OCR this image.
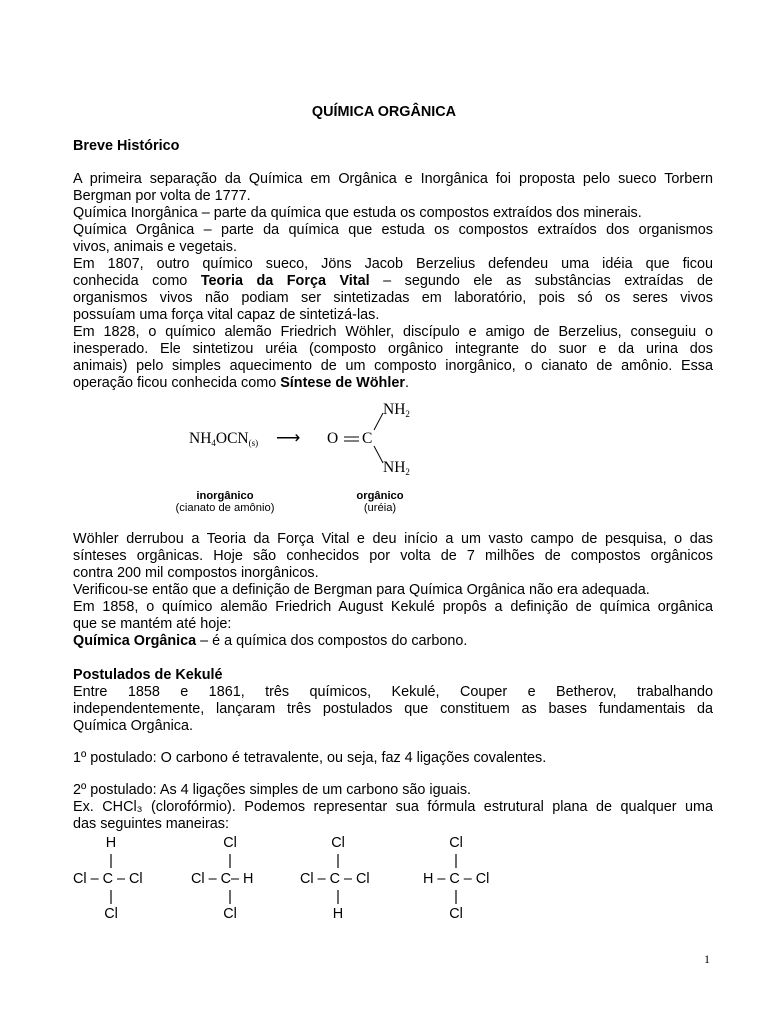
QUÍMICA ORGÂNICA
Breve Histórico
A primeira separação da Química em Orgânica e Inorgânica foi proposta pelo sueco Torbern
Bergman por volta de 1777.
Química Inorgânica – parte da química que estuda os compostos extraídos dos minerais.
Química Orgânica – parte da química que estuda os compostos extraídos dos organismos
vivos, animais e vegetais.
Em 1807, outro químico sueco, Jöns Jacob Berzelius defendeu uma idéia que ficou
conhecida como Teoria da Força Vital – segundo ele as substâncias extraídas de
organismos vivos não podiam ser sintetizadas em laboratório, pois só os seres vivos
possuíam uma força vital capaz de sintetizá-las.
Em 1828, o químico alemão Friedrich Wöhler, discípulo e amigo de Berzelius, conseguiu o
inesperado. Ele sintetizou uréia (composto orgânico integrante do suor e da urina dos
animais) pelo simples aquecimento de um composto inorgânico, o cianato de amônio. Essa
operação ficou conhecida como Síntese de Wöhler.
$NH_4OCN_{(s)}$ ⟶ O C
$NH_2$
$NH_2$
inorgânico
(cianato de amônio)
orgânico
(uréia)
Wöhler derrubou a Teoria da Força Vital e deu início a um vasto campo de pesquisa, o das
sínteses orgânicas. Hoje são conhecidos por volta de 7 milhões de compostos orgânicos
contra 200 mil compostos inorgânicos.
Verificou-se então que a definição de Bergman para Química Orgânica não era adequada.
Em 1858, o químico alemão Friedrich August Kekulé propôs a definição de química orgânica
que se mantém até hoje:
Química Orgânica – é a química dos compostos do carbono.
Postulados de Kekulé
Entre 1858 e 1861, três químicos, Kekulé, Couper e Betherov, trabalhando
independentemente, lançaram três postulados que constituem as bases fundamentais da
Química Orgânica.
1º postulado: O carbono é tetravalente, ou seja, faz 4 ligações covalentes.
2º postulado: As 4 ligações simples de um carbono são iguais.
Ex. CHCl₃ (clorofórmio). Podemos representar sua fórmula estrutural plana de qualquer uma
das seguintes maneiras:
H
|
Cl – C – Cl
|
Cl
Cl
|
Cl – C– H
|
Cl
Cl
|
Cl – C – Cl
|
H
Cl
|
H – C – Cl
|
Cl
1
